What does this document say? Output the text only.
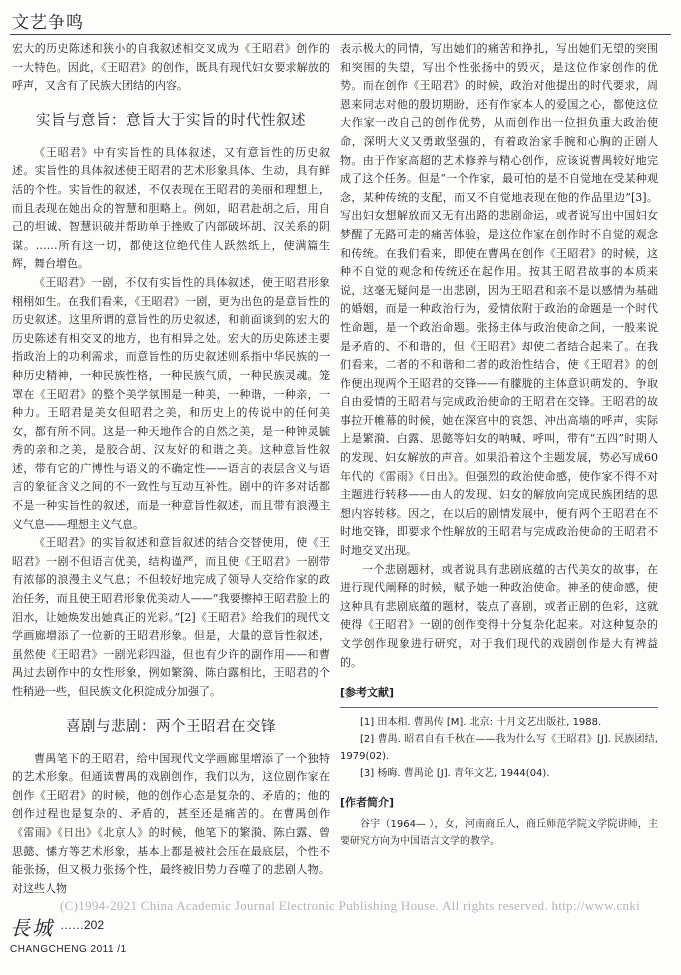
文艺争鸣

宏大的历史陈述和狭小的自我叙述相交叉成为《王昭君》创作的一大特色。因此，《王昭君》的创作，既具有现代妇女要求解放的呼声，又含有了民族大团结的内容。

实旨与意旨：意旨大于实旨的时代性叙述

《王昭君》中有实旨性的具体叙述，又有意旨性的历史叙述。实旨性的具体叙述使王昭君的艺术形象具体、生动，具有鲜活的个性。实旨性的叙述，不仅表现在王昭君的美丽和理想上，而且表现在她出众的智慧和胆略上。例如，昭君赴胡之后，用自己的坦诚、智慧识破并帮助单于挫败了内部破坏胡、汉关系的阴谋。……所有这一切，都使这位绝代佳人跃然纸上，使满篇生辉，舞台增色。

《王昭君》一剧，不仅有实旨性的具体叙述，使王昭君形象栩栩如生。在我们看来，《王昭君》一剧，更为出色的是意旨性的历史叙述。这里所谓的意旨性的历史叙述，和前面谈到的宏大的历史陈述有相交叉的地方，也有相异之处。宏大的历史陈述主要指政治上的功利需求，而意旨性的历史叙述则系指中华民族的一种历史精神，一种民族性格，一种民族气质，一种民族灵魂。笼罩在《王昭君》的整个美学氛围是一种美，一种谐，一种亲，一种力。王昭君是美女但昭君之美，和历史上的传说中的任何美女，都有所不同。这是一种天地作合的自然之美，是一种钟灵毓秀的亲和之美，是胶合胡、汉友好的和谐之美。这种意旨性叙述，带有它的广博性与语义的不确定性——语言的表层含义与语言的象征含义之间的不一致性与互动互补性。剧中的许多对话都不是一种实旨性的叙述，而是一种意旨性叙述，而且带有浪漫主义气息——理想主义气息。

《王昭君》的实旨叙述和意旨叙述的结合交替使用，使《王昭君》一剧不但语言优美，结构谨严，而且使《王昭君》一剧带有浓郁的浪漫主义气息；不但较好地完成了领导人交给作家的政治任务，而且使王昭君形象优美动人——“我要擦掉王昭君脸上的泪水，让她焕发出她真正的光彩。”[2]《王昭君》给我们的现代文学画廊增添了一位新的王昭君形象。但是，大量的意旨性叙述，虽然使《王昭君》一剧光彩四溢，但也有少许的副作用——和曹禺过去剧作中的女性形象，例如繁漪、陈白露相比，王昭君的个性稍逊一些，但民族文化积淀成分加强了。

喜剧与悲剧：两个王昭君在交锋

曹禺笔下的王昭君，给中国现代文学画廊里增添了一个独特的艺术形象。但通读曹禺的戏剧创作，我们以为，这位剧作家在创作《王昭君》的时候，他的创作心态是复杂的、矛盾的；他的创作过程也是复杂的、矛盾的，甚至还是痛苦的。在曹禺创作《雷雨》《日出》《北京人》的时候，他笔下的繁漪、陈白露、曾思懿、愫方等艺术形象，基本上都是被社会压在最底层，个性不能张扬，但又极力张扬个性，最终被旧势力吞噬了的悲剧人物。对这些人物

表示极大的同情，写出她们的痛苦和挣扎，写出她们无望的突围和突围的失望，写出个性张扬中的毁灭，是这位作家创作的优势。而在创作《王昭君》的时候，政治对他提出的时代要求，周恩来同志对他的殷切期盼，还有作家本人的爱国之心，都使这位大作家一改自己的创作优势，从而创作出一位担负重大政治使命，深明大义又勇敢坚强的，有着政治家手腕和心胸的正剧人物。由于作家高超的艺术修养与精心创作，应该说曹禺较好地完成了这个任务。但是“一个作家，最可怕的是不自觉地在受某种观念，某种传统的支配，而又不自觉地表现在他的作品里边”[3]。写出妇女想解放而又无有出路的悲剧命运，或者说写出中国妇女梦醒了无路可走的痛苦体验，是这位作家在创作时不自觉的观念和传统。在我们看来，即使在曹禺在创作《王昭君》的时候，这种不自觉的观念和传统还在起作用。按其王昭君故事的本质来说，这毫无疑问是一出悲剧，因为王昭君和亲不是以感情为基础的婚姻，而是一种政治行为，爱情依附于政治的命题是一个时代性命题，是一个政治命题。张扬主体与政治使命之间，一般来说是矛盾的、不和谐的，但《王昭君》却使二者结合起来了。在我们看来，二者的不和谐和二者的政治性结合，使《王昭君》的创作便出现两个王昭君的交锋——有朦胧的主体意识萌发的、争取自由爱情的王昭君与完成政治使命的王昭君在交锋。王昭君的故事拉开帷幕的时候，她在深宫中的哀怨、冲出高墙的呼声，实际上是繁漪、白露、思懿等妇女的呐喊、呼叫，带有“五四”时期人的发现、妇女解放的声音。如果沿着这个主题发展，势必写成60年代的《雷雨》《日出》。但强烈的政治使命感，使作家不得不对主题进行转移——由人的发现、妇女的解放向完成民族团结的思想内容转移。因之，在以后的剧情发展中，便有两个王昭君在不时地交锋，即要求个性解放的王昭君与完成政治使命的王昭君不时地交叉出现。

一个悲剧题材，或者说具有悲剧底蕴的古代美女的故事，在进行现代阐释的时候，赋予她一种政治使命。神圣的使命感，使这种具有悲剧底蕴的题材，装点了喜剧，或者正剧的色彩，这就使得《王昭君》一剧的创作变得十分复杂化起来。对这种复杂的文学创作现象进行研究，对于我们现代的戏剧创作是大有裨益的。

[参考文献]

[1] 田本相. 曹禺传 [M]. 北京: 十月文艺出版社, 1988.

[2] 曹禺. 昭君自有千秋在——我为什么写《王昭君》[J]. 民族团结, 1979(02).

[3] 杨晦. 曹禺论 [J]. 青年文艺, 1944(04).

[作者简介]

谷宇（1964— ），女，河南商丘人，商丘师范学院文学院讲师，主要研究方向为中国语言文学的教学。

(C)1994-2021 China Academic Journal Electronic Publishing House. All rights reserved. http://www.cnki
長城 ……202
CHANGCHENG 2011 /1
